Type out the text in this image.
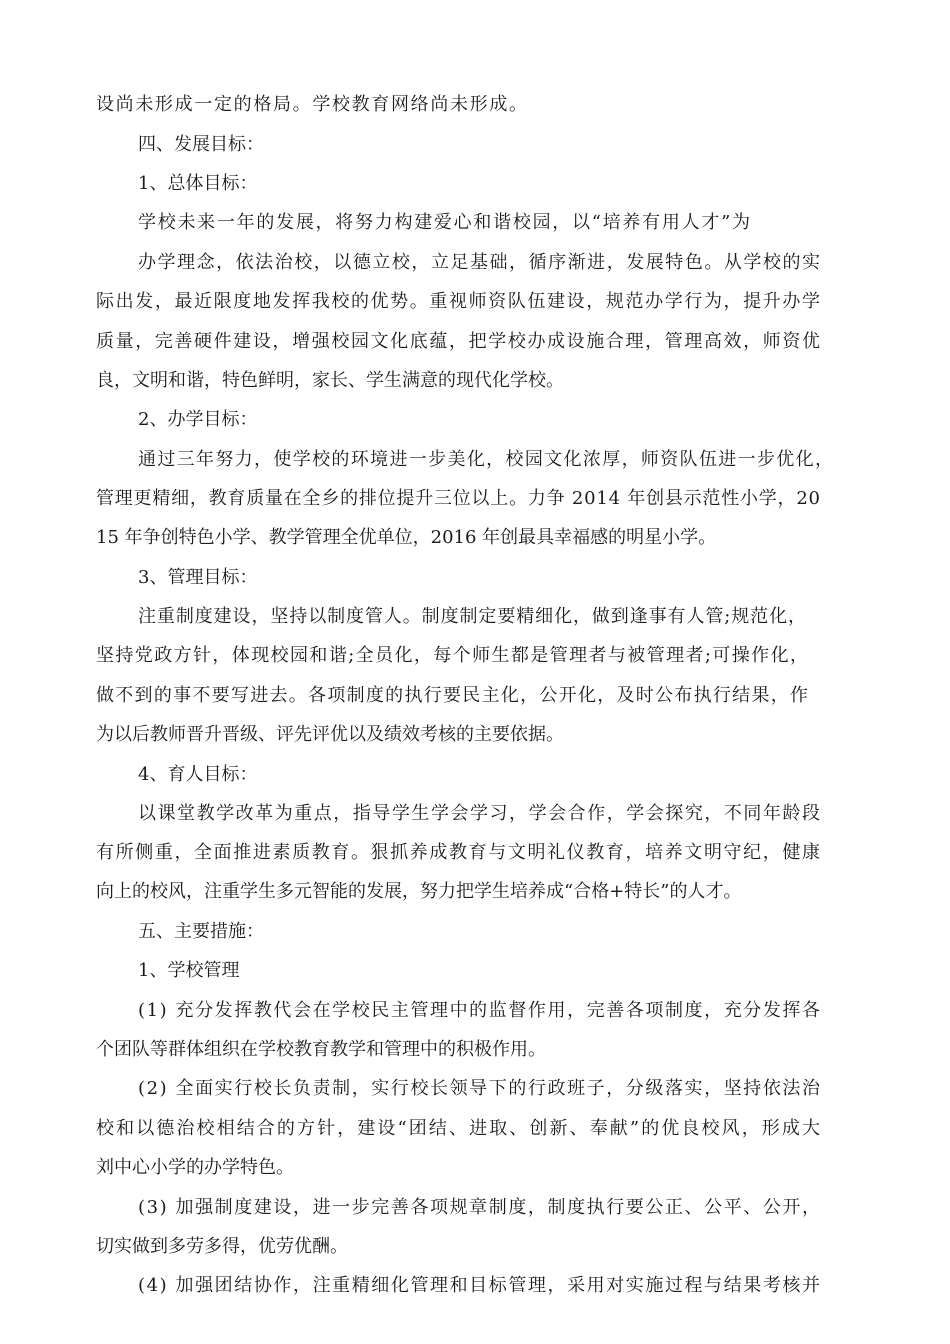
设尚未形成一定的格局。学校教育网络尚未形成。
四、发展目标：
1、总体目标：
学校未来一年的发展，将努力构建爱心和谐校园，以“培养有用人才”为
办学理念，依法治校，以德立校，立足基础，循序渐进，发展特色。从学校的实
际出发，最近限度地发挥我校的优势。重视师资队伍建设，规范办学行为，提升办学
质量，完善硬件建设，增强校园文化底蕴，把学校办成设施合理，管理高效，师资优
良，文明和谐，特色鲜明，家长、学生满意的现代化学校。
2、办学目标：
通过三年努力，使学校的环境进一步美化，校园文化浓厚，师资队伍进一步优化，
管理更精细，教育质量在全乡的排位提升三位以上。力争 2014 年创县示范性小学，20
15 年争创特色小学、教学管理全优单位，2016 年创最具幸福感的明星小学。
3、管理目标：
注重制度建设，坚持以制度管人。制度制定要精细化，做到逢事有人管;规范化，
坚持党政方针，体现校园和谐;全员化，每个师生都是管理者与被管理者;可操作化，
做不到的事不要写进去。各项制度的执行要民主化，公开化，及时公布执行结果，作
为以后教师晋升晋级、评先评优以及绩效考核的主要依据。
4、育人目标：
以课堂教学改革为重点，指导学生学会学习，学会合作，学会探究，不同年龄段
有所侧重，全面推进素质教育。狠抓养成教育与文明礼仪教育，培养文明守纪，健康
向上的校风，注重学生多元智能的发展，努力把学生培养成“合格+特长”的人才。
五、主要措施：
1、学校管理
(1) 充分发挥教代会在学校民主管理中的监督作用，完善各项制度，充分发挥各
个团队等群体组织在学校教育教学和管理中的积极作用。
(2) 全面实行校长负责制，实行校长领导下的行政班子，分级落实，坚持依法治
校和以德治校相结合的方针，建设“团结、进取、创新、奉献”的优良校风，形成大
刘中心小学的办学特色。
(3) 加强制度建设，进一步完善各项规章制度，制度执行要公正、公平、公开，
切实做到多劳多得，优劳优酬。
(4) 加强团结协作，注重精细化管理和目标管理，采用对实施过程与结果考核并
